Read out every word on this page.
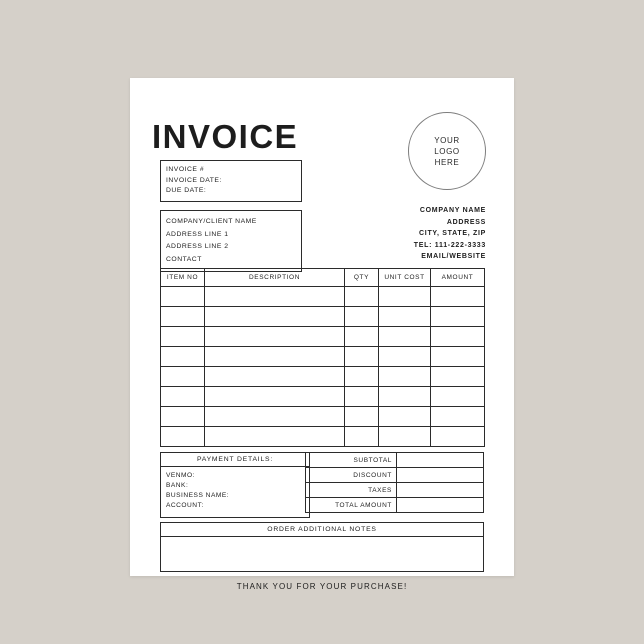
INVOICE	YOUR
LOGO
HERE
INVOICE #
INVOICE DATE:
DUE DATE:
COMPANY/CLIENT NAME
ADDRESS LINE 1
ADDRESS LINE 2
CONTACT
COMPANY NAME
ADDRESS
CITY, STATE, ZIP
TEL: 111-222-3333
EMAIL/WEBSITE
ITEM NO	DESCRIPTION	QTY	UNIT COST	AMOUNT

PAYMENT DETAILS:
VENMO:
BANK:
BUSINESS NAME:
ACCOUNT:
SUBTOTAL	
DISCOUNT	
TAXES	
TOTAL AMOUNT	
ORDER ADDITIONAL NOTES
THANK YOU FOR YOUR PURCHASE!
